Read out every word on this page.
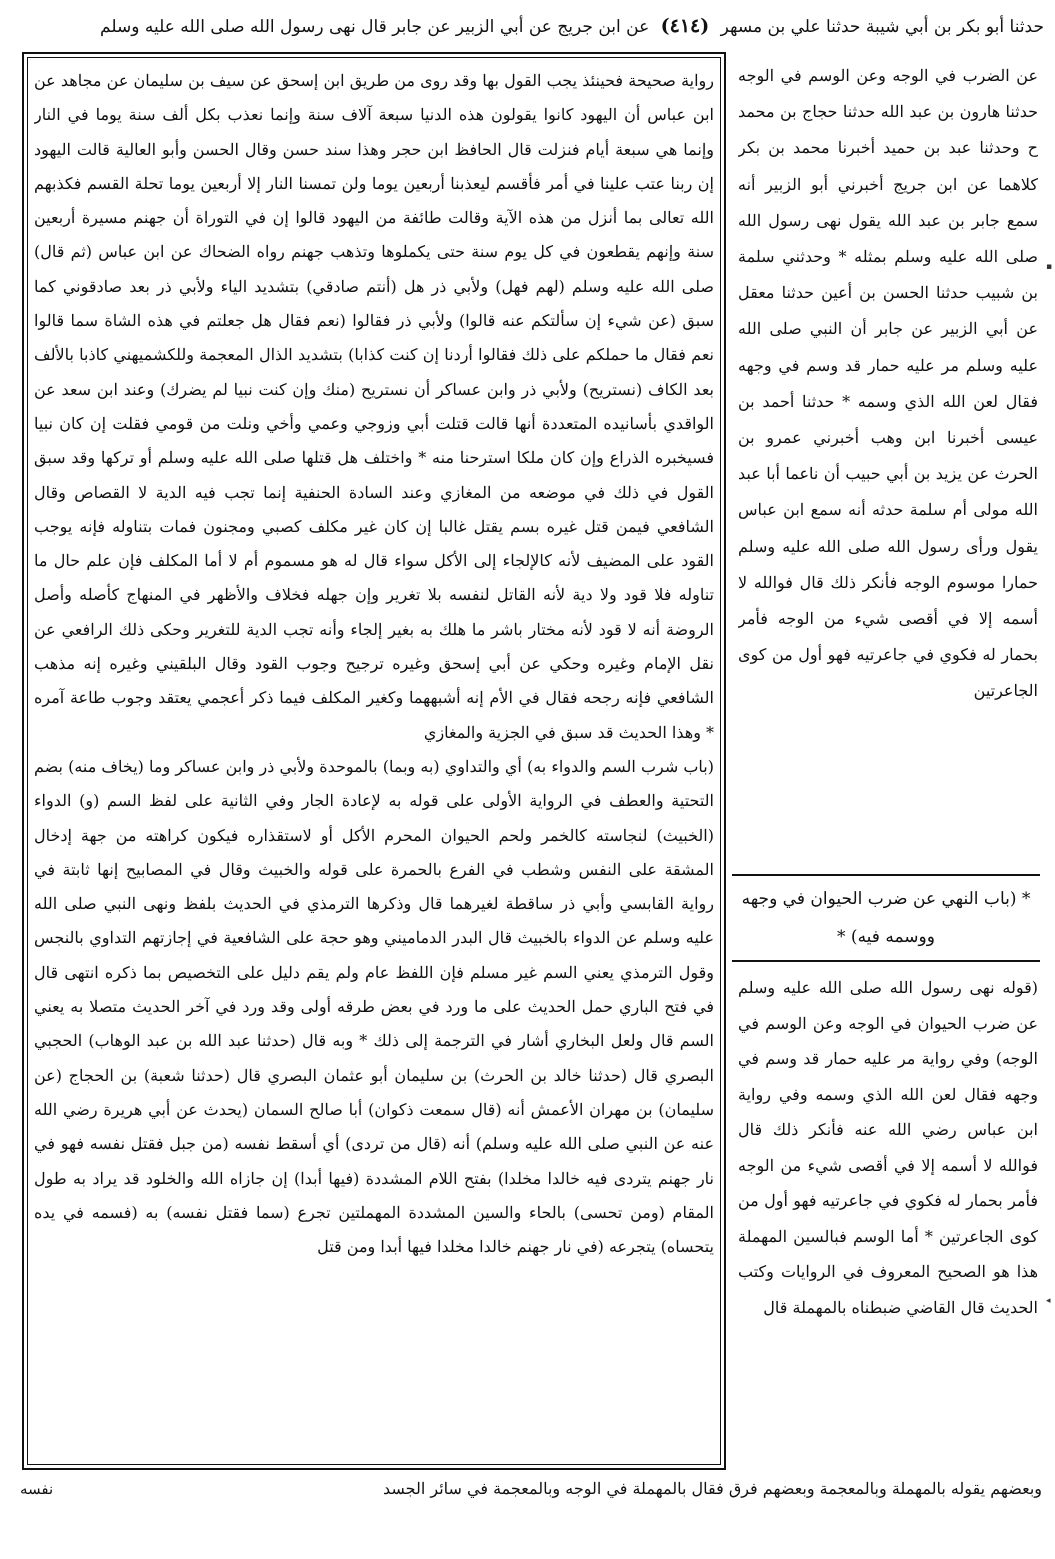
حدثنا أبو بكر بن أبي شيبة حدثنا علي بن مسهر (٤١٤) عن ابن جريج عن أبي الزبير عن جابر قال نهى رسول الله صلى الله عليه وسلم

عن الضرب في الوجه وعن الوسم في الوجه حدثنا هارون بن عبد الله حدثنا حجاج بن محمد ح وحدثنا عبد بن حميد أخبرنا محمد بن بكر كلاهما عن ابن جريج أخبرني أبو الزبير أنه سمع جابر بن عبد الله يقول نهى رسول الله صلى الله عليه وسلم بمثله * وحدثني سلمة بن شبيب حدثنا الحسن بن أعين حدثنا معقل عن أبي الزبير عن جابر أن النبي صلى الله عليه وسلم مر عليه حمار قد وسم في وجهه فقال لعن الله الذي وسمه * حدثنا أحمد بن عيسى أخبرنا ابن وهب أخبرني عمرو بن الحرث عن يزيد بن أبي حبيب أن ناعما أبا عبد الله مولى أم سلمة حدثه أنه سمع ابن عباس يقول ورأى رسول الله صلى الله عليه وسلم حمارا موسوم الوجه فأنكر ذلك قال فوالله لا أسمه إلا في أقصى شيء من الوجه فأمر بحمار له فكوي في جاعرتيه فهو أول من كوى الجاعرتين

* (باب النهي عن ضرب الحيوان في وجهه ووسمه فيه) *
(قوله نهى رسول الله صلى الله عليه وسلم عن ضرب الحيوان في الوجه وعن الوسم في الوجه) وفي رواية مر عليه حمار قد وسم في وجهه فقال لعن الله الذي وسمه وفي رواية ابن عباس رضي الله عنه فأنكر ذلك قال فوالله لا أسمه إلا في أقصى شيء من الوجه فأمر بحمار له فكوي في جاعرتيه فهو أول من كوى الجاعرتين * أما الوسم فبالسين المهملة هذا هو الصحيح المعروف في الروايات وكتب الحديث قال القاضي ضبطناه بالمهملة قال

رواية صحيحة فحينئذ يجب القول بها وقد روى من طريق ابن إسحق عن سيف بن سليمان عن مجاهد عن ابن عباس أن اليهود كانوا يقولون هذه الدنيا سبعة آلاف سنة وإنما نعذب بكل ألف سنة يوما في النار وإنما هي سبعة أيام فنزلت قال الحافظ ابن حجر وهذا سند حسن وقال الحسن وأبو العالية قالت اليهود إن ربنا عتب علينا في أمر فأقسم ليعذبنا أربعين يوما ولن تمسنا النار إلا أربعين يوما تحلة القسم فكذبهم الله تعالى بما أنزل من هذه الآية وقالت طائفة من اليهود قالوا إن في التوراة أن جهنم مسيرة أربعين سنة وإنهم يقطعون في كل يوم سنة حتى يكملوها وتذهب جهنم رواه الضحاك عن ابن عباس (ثم قال) صلى الله عليه وسلم (لهم فهل) ولأبي ذر هل (أنتم صادقي) بتشديد الياء ولأبي ذر بعد صادقوني كما سبق (عن شيء إن سألتكم عنه قالوا) ولأبي ذر فقالوا (نعم فقال هل جعلتم في هذه الشاة سما قالوا نعم فقال ما حملكم على ذلك فقالوا أردنا إن كنت كذابا) بتشديد الذال المعجمة وللكشميهني كاذبا بالألف بعد الكاف (نستريح) ولأبي ذر وابن عساكر أن نستريح (منك وإن كنت نبيا لم يضرك) وعند ابن سعد عن الواقدي بأسانيده المتعددة أنها قالت قتلت أبي وزوجي وعمي وأخي ونلت من قومي فقلت إن كان نبيا فسيخبره الذراع وإن كان ملكا استرحنا منه * واختلف هل قتلها صلى الله عليه وسلم أو تركها وقد سبق القول في ذلك في موضعه من المغازي وعند السادة الحنفية إنما تجب فيه الدية لا القصاص وقال الشافعي فيمن قتل غيره بسم يقتل غالبا إن كان غير مكلف كصبي ومجنون فمات بتناوله فإنه يوجب القود على المضيف لأنه كالإلجاء إلى الأكل سواء قال له هو مسموم أم لا أما المكلف فإن علم حال ما تناوله فلا قود ولا دية لأنه القاتل لنفسه بلا تغرير وإن جهله فخلاف والأظهر في المنهاج كأصله وأصل الروضة أنه لا قود لأنه مختار باشر ما هلك به بغير إلجاء وأنه تجب الدية للتغرير وحكى ذلك الرافعي عن نقل الإمام وغيره وحكي عن أبي إسحق وغيره ترجيح وجوب القود وقال البلقيني وغيره إنه مذهب الشافعي فإنه رجحه فقال في الأم إنه أشبههما وكغير المكلف فيما ذكر أعجمي يعتقد وجوب طاعة آمره * وهذا الحديث قد سبق في الجزية والمغازي

(باب شرب السم والدواء به) أي والتداوي (به وبما) بالموحدة ولأبي ذر وابن عساكر وما (يخاف منه) بضم التحتية والعطف في الرواية الأولى على قوله به لإعادة الجار وفي الثانية على لفظ السم (و) الدواء (الخبيث) لنجاسته كالخمر ولحم الحيوان المحرم الأكل أو لاستقذاره فيكون كراهته من جهة إدخال المشقة على النفس وشطب في الفرع بالحمرة على قوله والخبيث وقال في المصابيح إنها ثابتة في رواية القابسي وأبي ذر ساقطة لغيرهما قال وذكرها الترمذي في الحديث بلفظ ونهى النبي صلى الله عليه وسلم عن الدواء بالخبيث قال البدر الدماميني وهو حجة على الشافعية في إجازتهم التداوي بالنجس وقول الترمذي يعني السم غير مسلم فإن اللفظ عام ولم يقم دليل على التخصيص بما ذكره انتهى قال في فتح الباري حمل الحديث على ما ورد في بعض طرقه أولى وقد ورد في آخر الحديث متصلا به يعني السم قال ولعل البخاري أشار في الترجمة إلى ذلك * وبه قال (حدثنا عبد الله بن عبد الوهاب) الحجبي البصري قال (حدثنا خالد بن الحرث) بن سليمان أبو عثمان البصري قال (حدثنا شعبة) بن الحجاج (عن سليمان) بن مهران الأعمش أنه (قال سمعت ذكوان) أبا صالح السمان (يحدث عن أبي هريرة رضي الله عنه عن النبي صلى الله عليه وسلم) أنه (قال من تردى) أي أسقط نفسه (من جبل فقتل نفسه فهو في نار جهنم يتردى فيه خالدا مخلدا) بفتح اللام المشددة (فيها أبدا) إن جازاه الله والخلود قد يراد به طول المقام (ومن تحسى) بالحاء والسين المشددة المهملتين تجرع (سما فقتل نفسه) به (فسمه في يده يتحساه) يتجرعه (في نار جهنم خالدا مخلدا فيها أبدا ومن قتل

نفسه	وبعضهم يقوله بالمهملة وبالمعجمة وبعضهم فرق فقال بالمهملة في الوجه وبالمعجمة في سائر الجسد
▪
◂
